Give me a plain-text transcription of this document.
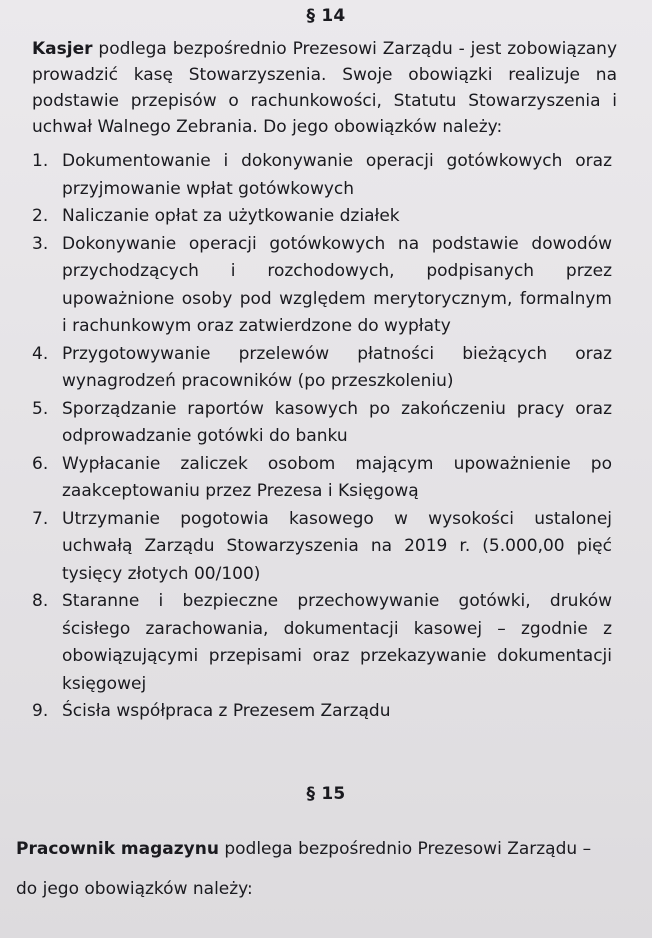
§ 14
Kasjer podlega bezpośrednio Prezesowi Zarządu - jest zobowiązany prowadzić kasę Stowarzyszenia. Swoje obowiązki realizuje na podstawie przepisów o rachunkowości, Statutu Stowarzyszenia i uchwał Walnego Zebrania. Do jego obowiązków należy:
1. Dokumentowanie i dokonywanie operacji gotówkowych oraz przyjmowanie wpłat gotówkowych
2. Naliczanie opłat za użytkowanie działek
3. Dokonywanie operacji gotówkowych na podstawie dowodów przychodzących i rozchodowych, podpisanych przez upoważnione osoby pod względem merytorycznym, formalnym i rachunkowym oraz zatwierdzone do wypłaty
4. Przygotowywanie przelewów płatności bieżących oraz wynagrodzeń pracowników (po przeszkoleniu)
5. Sporządzanie raportów kasowych po zakończeniu pracy oraz odprowadzanie gotówki do banku
6. Wypłacanie zaliczek osobom mającym upoważnienie po zaakceptowaniu przez Prezesa i Księgową
7. Utrzymanie pogotowia kasowego w wysokości ustalonej uchwałą Zarządu Stowarzyszenia na 2019 r. (5.000,00 pięć tysięcy złotych 00/100)
8. Staranne i bezpieczne przechowywanie gotówki, druków ścisłego zarachowania, dokumentacji kasowej – zgodnie z obowiązującymi przepisami oraz przekazywanie dokumentacji księgowej
9. Ścisła współpraca z Prezesem Zarządu
§ 15
Pracownik magazynu podlega bezpośrednio Prezesowi Zarządu –
do jego obowiązków należy:
